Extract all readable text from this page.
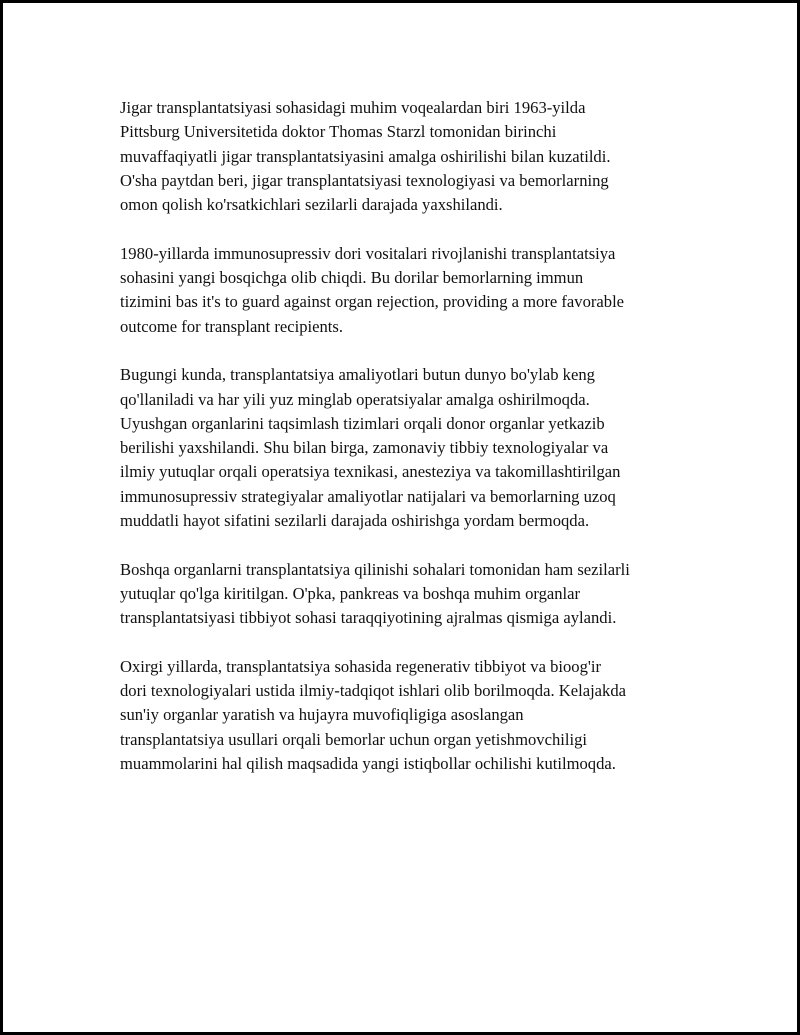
Jigar transplantatsiyasi sohasidagi muhim voqealardan biri 1963-yilda
Pittsburg Universitetida doktor Thomas Starzl tomonidan birinchi
muvaffaqiyatli jigar transplantatsiyasini amalga oshirilishi bilan kuzatildi.
O'sha paytdan beri, jigar transplantatsiyasi texnologiyasi va bemorlarning
omon qolish ko'rsatkichlari sezilarli darajada yaxshilandi.

1980-yillarda immunosupressiv dori vositalari rivojlanishi transplantatsiya
sohasini yangi bosqichga olib chiqdi. Bu dorilar bemorlarning immun
tizimini bas it's to guard against organ rejection, providing a more favorable
outcome for transplant recipients.

Bugungi kunda, transplantatsiya amaliyotlari butun dunyo bo'ylab keng
qo'llaniladi va har yili yuz minglab operatsiyalar amalga oshirilmoqda.
Uyushgan organlarini taqsimlash tizimlari orqali donor organlar yetkazib
berilishi yaxshilandi. Shu bilan birga, zamonaviy tibbiy texnologiyalar va
ilmiy yutuqlar orqali operatsiya texnikasi, anesteziya va takomillashtirilgan
immunosupressiv strategiyalar amaliyotlar natijalari va bemorlarning uzoq
muddatli hayot sifatini sezilarli darajada oshirishga yordam bermoqda.

Boshqa organlarni transplantatsiya qilinishi sohalari tomonidan ham sezilarli
yutuqlar qo'lga kiritilgan. O'pka, pankreas va boshqa muhim organlar
transplantatsiyasi tibbiyot sohasi taraqqiyotining ajralmas qismiga aylandi.

Oxirgi yillarda, transplantatsiya sohasida regenerativ tibbiyot va bioog'ir
dori texnologiyalari ustida ilmiy-tadqiqot ishlari olib borilmoqda. Kelajakda
sun'iy organlar yaratish va hujayra muvofiqligiga asoslangan
transplantatsiya usullari orqali bemorlar uchun organ yetishmovchiligi
muammolarini hal qilish maqsadida yangi istiqbollar ochilishi kutilmoqda.
